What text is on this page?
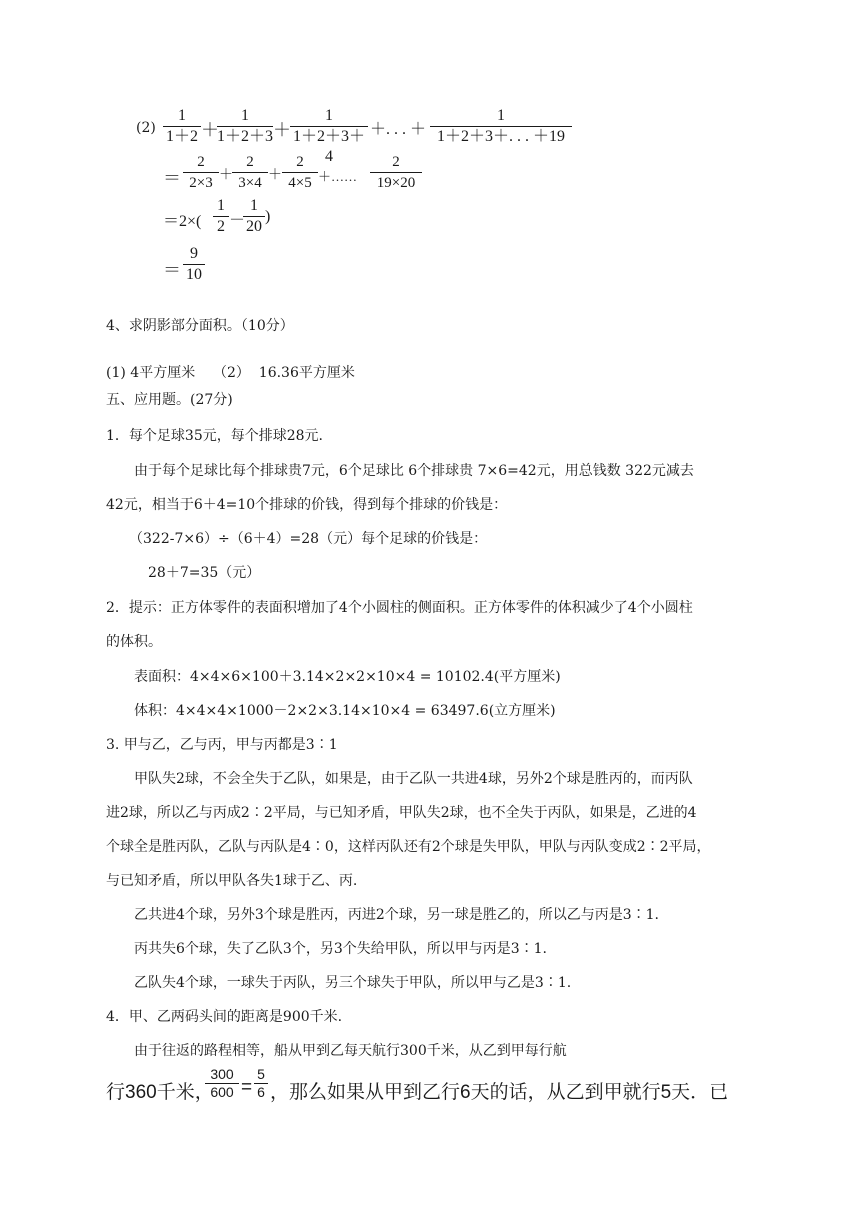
(2)
1
1＋2 ＋
1
1＋2＋3 ＋
1
1＋2＋3＋4
＋. . . ＋
1
1＋2＋3＋. . . ＋19
＝
2
2×3 ＋
2
3×4 ＋
2
4×5 ＋……
2
19×20
＝2×(
1
2 －
1
20
)
＝
9
10
4、求阴影部分面积。（10分）
(1) 4平方厘米    （2）  16.36平方厘米
五、应用题。(27分)
1．每个足球35元，每个排球28元.
由于每个足球比每个排球贵7元，6个足球比 6个排球贵 7×6=42元，用总钱数 322元减去
42元，相当于6＋4=10个排球的价钱，得到每个排球的价钱是：
（322-7×6）÷（6＋4）=28（元）每个足球的价钱是：
28＋7=35（元）
2．提示：正方体零件的表面积增加了4个小圆柱的侧面积。正方体零件的体积减少了4个小圆柱
的体积。
表面积：4×4×6×100＋3.14×2×2×10×4 = 10102.4(平方厘米)
体积：4×4×4×1000－2×2×3.14×10×4 = 63497.6(立方厘米)
3. 甲与乙，乙与丙，甲与丙都是3∶1
甲队失2球，不会全失于乙队，如果是，由于乙队一共进4球，另外2个球是胜丙的，而丙队
进2球，所以乙与丙成2∶2平局，与已知矛盾，甲队失2球，也不全失于丙队，如果是，乙进的4
个球全是胜丙队，乙队与丙队是4∶0，这样丙队还有2个球是失甲队，甲队与丙队变成2∶2平局，
与已知矛盾，所以甲队各失1球于乙、丙.
乙共进4个球，另外3个球是胜丙，丙进2个球，另一球是胜乙的，所以乙与丙是3∶1.
丙共失6个球，失了乙队3个，另3个失给甲队，所以甲与丙是3∶1.
乙队失4个球，一球失于丙队，另三个球失于甲队，所以甲与乙是3∶1.
4．甲、乙两码头间的距离是900千米.
由于往返的路程相等，船从甲到乙每天航行300千米，从乙到甲每行航
行360千米，
300
600 =
5
6 ，那么如果从甲到乙行6天的话，从乙到甲就行5天．已
